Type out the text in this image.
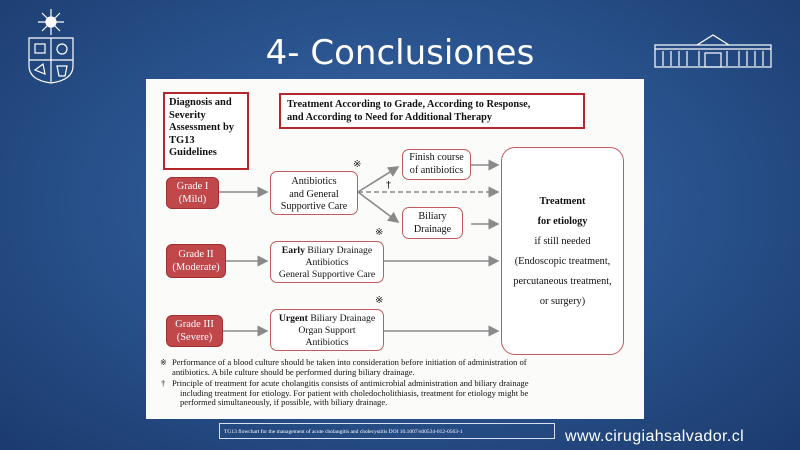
4- Conclusiones
Diagnosis and
Severity
Assessment by
TG13
Guidelines
Treatment According to Grade, According to Response,
and According to Need for Additional Therapy
Grade I
(Mild)
Grade II
(Moderate)
Grade III
(Severe)
Antibiotics
and General
Supportive Care
※
Finish course
of antibiotics
†
Biliary
Drainage
Early Biliary Drainage
Antibiotics
General Supportive Care
※
Urgent Biliary Drainage
Organ Support
Antibiotics
※
Treatment
for etiology
if still needed
(Endoscopic treatment,
percutaneous treatment,
or surgery)
※ Performance of a blood culture should be taken into consideration before initiation of administration of
antibiotics. A bile culture should be performed during biliary drainage.
† Principle of treatment for acute cholangitis consists of antimicrobial administration and biliary drainage
including treatment for etiology. For patient with choledocholithiasis, treatment for etiology might be
performed simultaneously, if possible, with biliary drainage.
TG13 flowchart for the management of acute cholangitis and cholecystitis DOI 10.1007/s00534-012-0563-1	www.cirugiahsalvador.cl
